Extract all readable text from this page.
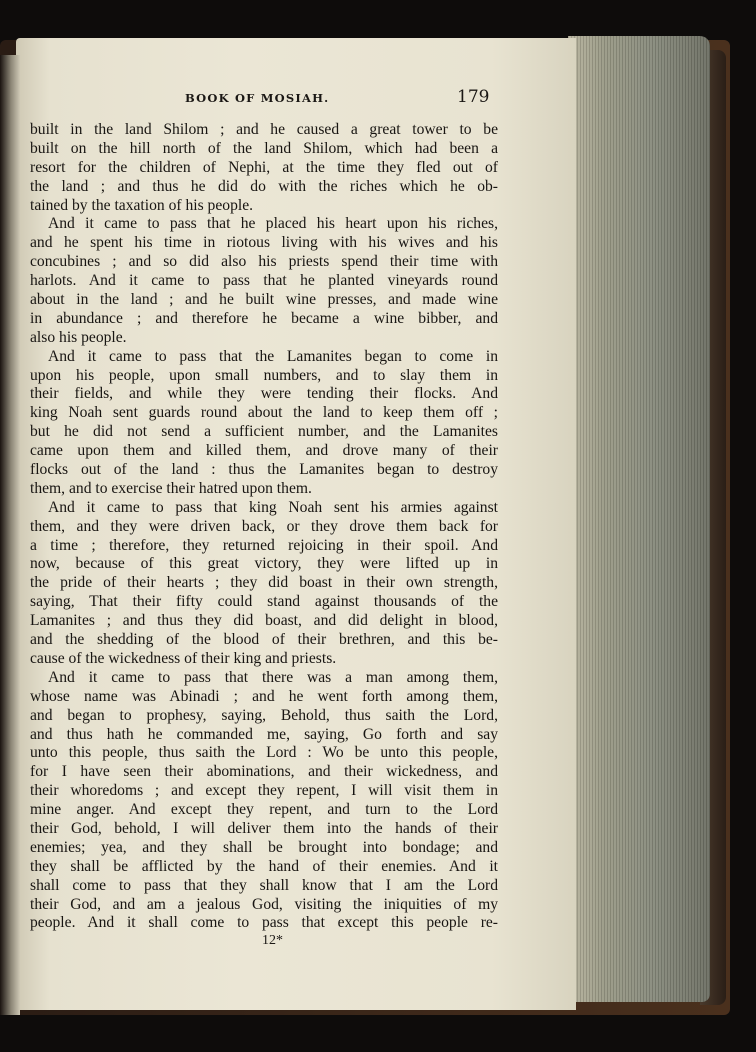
BOOK OF MOSIAH.	179
built in the land Shilom ; and he caused a great tower to be
built on the hill north of the land Shilom, which had been a
resort for the children of Nephi, at the time they fled out of
the land ; and thus he did do with the riches which he ob-
tained by the taxation of his people.
And it came to pass that he placed his heart upon his riches,
and he spent his time in riotous living with his wives and his
concubines ; and so did also his priests spend their time with
harlots. And it came to pass that he planted vineyards round
about in the land ; and he built wine presses, and made wine
in abundance ; and therefore he became a wine bibber, and
also his people.
And it came to pass that the Lamanites began to come in
upon his people, upon small numbers, and to slay them in
their fields, and while they were tending their flocks. And
king Noah sent guards round about the land to keep them off ;
but he did not send a sufficient number, and the Lamanites
came upon them and killed them, and drove many of their
flocks out of the land : thus the Lamanites began to destroy
them, and to exercise their hatred upon them.
And it came to pass that king Noah sent his armies against
them, and they were driven back, or they drove them back for
a time ; therefore, they returned rejoicing in their spoil. And
now, because of this great victory, they were lifted up in
the pride of their hearts ; they did boast in their own strength,
saying, That their fifty could stand against thousands of the
Lamanites ; and thus they did boast, and did delight in blood,
and the shedding of the blood of their brethren, and this be-
cause of the wickedness of their king and priests.
And it came to pass that there was a man among them,
whose name was Abinadi ; and he went forth among them,
and began to prophesy, saying, Behold, thus saith the Lord,
and thus hath he commanded me, saying, Go forth and say
unto this people, thus saith the Lord : Wo be unto this people,
for I have seen their abominations, and their wickedness, and
their whoredoms ; and except they repent, I will visit them in
mine anger. And except they repent, and turn to the Lord
their God, behold, I will deliver them into the hands of their
enemies; yea, and they shall be brought into bondage; and
they shall be afflicted by the hand of their enemies. And it
shall come to pass that they shall know that I am the Lord
their God, and am a jealous God, visiting the iniquities of my
people. And it shall come to pass that except this people re-
12*
